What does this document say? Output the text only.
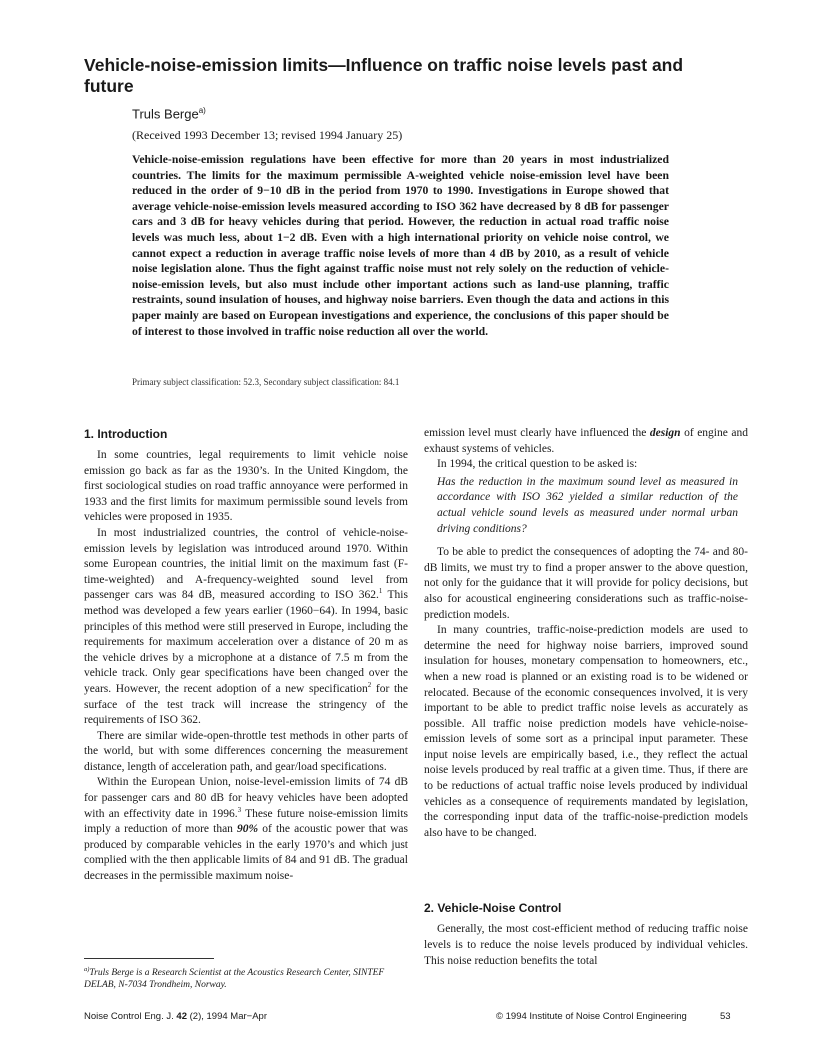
Vehicle-noise-emission limits—Influence on traffic noise levels past and future
Truls Berge$^{a)}$
(Received 1993 December 13; revised 1994 January 25)

Vehicle-noise-emission regulations have been effective for more than 20 years in most industrialized countries. The limits for the maximum permissible A-weighted vehicle noise-emission level have been reduced in the order of 9−10 dB in the period from 1970 to 1990. Investigations in Europe showed that average vehicle-noise-emission levels measured according to ISO 362 have decreased by 8 dB for passenger cars and 3 dB for heavy vehicles during that period. However, the reduction in actual road traffic noise levels was much less, about 1−2 dB. Even with a high international priority on vehicle noise control, we cannot expect a reduction in average traffic noise levels of more than 4 dB by 2010, as a result of vehicle noise legislation alone. Thus the fight against traffic noise must not rely solely on the reduction of vehicle-noise-emission levels, but also must include other important actions such as land-use planning, traffic restraints, sound insulation of houses, and highway noise barriers. Even though the data and actions in this paper mainly are based on European investigations and experience, the conclusions of this paper should be of interest to those involved in traffic noise reduction all over the world.

Primary subject classification: 52.3, Secondary subject classification: 84.1
1. Introduction

In some countries, legal requirements to limit vehicle noise emission go back as far as the 1930’s. In the United Kingdom, the first sociological studies on road traffic annoyance were performed in 1933 and the first limits for maximum permissible sound levels from vehicles were proposed in 1935.

In most industrialized countries, the control of vehicle-noise-emission levels by legislation was introduced around 1970. Within some European countries, the initial limit on the maximum fast (F-time-weighted) and A-frequency-weighted sound level from passenger cars was 84 dB, measured according to ISO 362.$^1$ This method was developed a few years earlier (1960−64). In 1994, basic principles of this method were still preserved in Europe, including the requirements for maximum acceleration over a distance of 20 m as the vehicle drives by a microphone at a distance of 7.5 m from the vehicle track. Only gear specifications have been changed over the years. However, the recent adoption of a new specification$^2$ for the surface of the test track will increase the stringency of the requirements of ISO 362.

There are similar wide-open-throttle test methods in other parts of the world, but with some differences concerning the measurement distance, length of acceleration path, and gear/load specifications.

Within the European Union, noise-level-emission limits of 74 dB for passenger cars and 80 dB for heavy vehicles have been adopted with an effectivity date in 1996.$^3$ These future noise-emission limits imply a reduction of more than 90% of the acoustic power that was produced by comparable vehicles in the early 1970’s and which just complied with the then applicable limits of 84 and 91 dB. The gradual decreases in the permissible maximum noise-

emission level must clearly have influenced the design of engine and exhaust systems of vehicles.

In 1994, the critical question to be asked is:

Has the reduction in the maximum sound level as measured in accordance with ISO 362 yielded a similar reduction of the actual vehicle sound levels as measured under normal urban driving conditions?

To be able to predict the consequences of adopting the 74- and 80-dB limits, we must try to find a proper answer to the above question, not only for the guidance that it will provide for policy decisions, but also for acoustical engineering considerations such as traffic-noise-prediction models.

In many countries, traffic-noise-prediction models are used to determine the need for highway noise barriers, improved sound insulation for houses, monetary compensation to homeowners, etc., when a new road is planned or an existing road is to be widened or relocated. Because of the economic consequences involved, it is very important to be able to predict traffic noise levels as accurately as possible. All traffic noise prediction models have vehicle-noise-emission levels of some sort as a principal input parameter. These input noise levels are empirically based, i.e., they reflect the actual noise levels produced by real traffic at a given time. Thus, if there are to be reductions of actual traffic noise levels produced by individual vehicles as a consequence of requirements mandated by legislation, the corresponding input data of the traffic-noise-prediction models also have to be changed.

2. Vehicle-Noise Control

Generally, the most cost-efficient method of reducing traffic noise levels is to reduce the noise levels produced by individual vehicles. This noise reduction benefits the total

$^{a)}$Truls Berge is a Research Scientist at the Acoustics Research Center, SINTEF DELAB, N-7034 Trondheim, Norway.
Noise Control Eng. J. 42 (2), 1994 Mar−Apr	© 1994 Institute of Noise Control Engineering	53
